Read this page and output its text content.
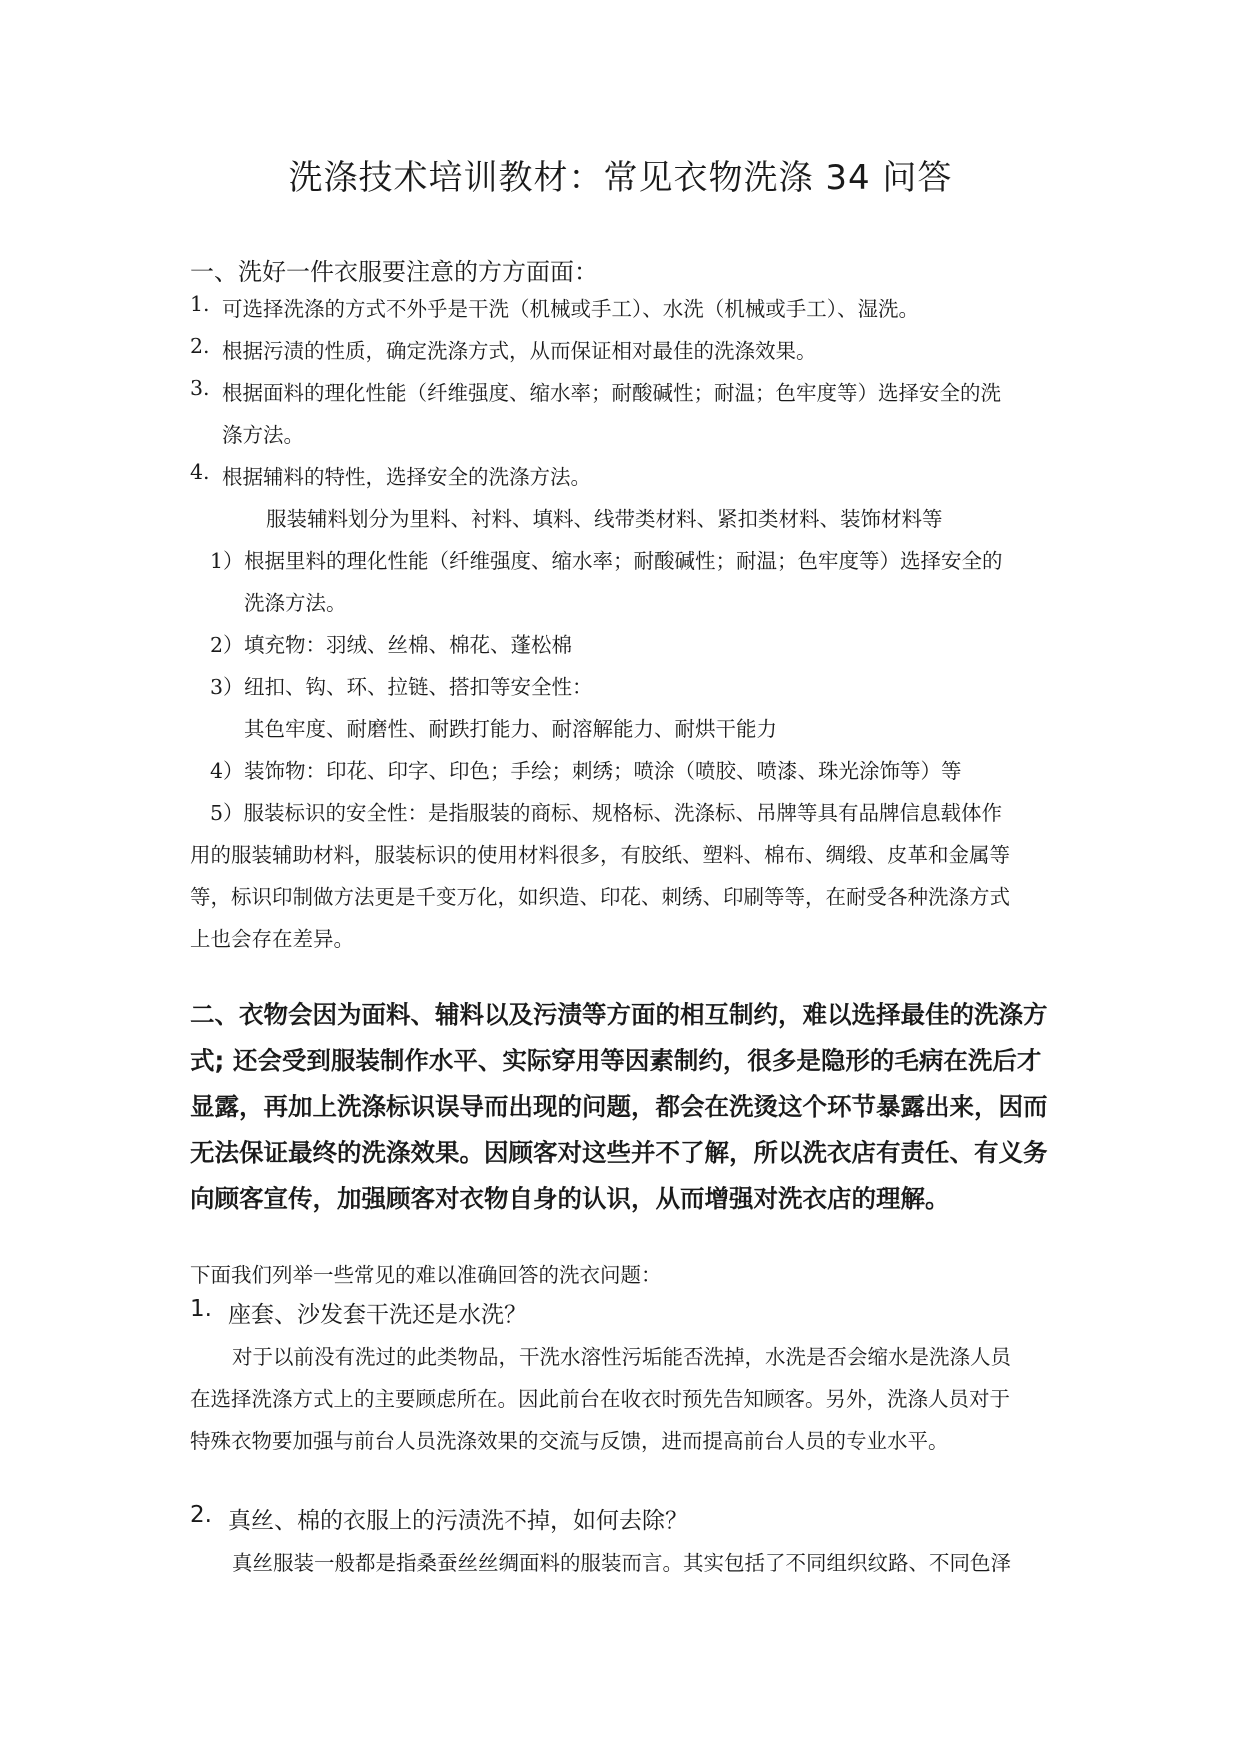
洗涤技术培训教材：常见衣物洗涤 34 问答
一、洗好一件衣服要注意的方方面面：
1. 可选择洗涤的方式不外乎是干洗（机械或手工）、水洗（机械或手工）、湿洗。
2. 根据污渍的性质，确定洗涤方式，从而保证相对最佳的洗涤效果。
3. 根据面料的理化性能（纤维强度、缩水率；耐酸碱性；耐温；色牢度等）选择安全的洗
涤方法。
4. 根据辅料的特性，选择安全的洗涤方法。
服装辅料划分为里料、衬料、填料、线带类材料、紧扣类材料、装饰材料等
1） 根据里料的理化性能（纤维强度、缩水率；耐酸碱性；耐温；色牢度等）选择安全的
洗涤方法。
2） 填充物：羽绒、丝棉、棉花、蓬松棉
3） 纽扣、钩、环、拉链、搭扣等安全性：
其色牢度、耐磨性、耐跌打能力、耐溶解能力、耐烘干能力
4） 装饰物：印花、印字、印色；手绘；刺绣；喷涂（喷胶、喷漆、珠光涂饰等）等
5）服装标识的安全性：是指服装的商标、规格标、洗涤标、吊牌等具有品牌信息载体作
用的服装辅助材料，服装标识的使用材料很多，有胶纸、塑料、棉布、绸缎、皮革和金属等
等，标识印制做方法更是千变万化，如织造、印花、刺绣、印刷等等，在耐受各种洗涤方式
上也会存在差异。
二、衣物会因为面料、辅料以及污渍等方面的相互制约，难以选择最佳的洗涤方
式; 还会受到服装制作水平、实际穿用等因素制约，很多是隐形的毛病在洗后才
显露，再加上洗涤标识误导而出现的问题，都会在洗烫这个环节暴露出来，因而
无法保证最终的洗涤效果。因顾客对这些并不了解，所以洗衣店有责任、有义务
向顾客宣传，加强顾客对衣物自身的认识，从而增强对洗衣店的理解。
下面我们列举一些常见的难以准确回答的洗衣问题：
1. 座套、沙发套干洗还是水洗？
对于以前没有洗过的此类物品，干洗水溶性污垢能否洗掉，水洗是否会缩水是洗涤人员
在选择洗涤方式上的主要顾虑所在。因此前台在收衣时预先告知顾客。另外，洗涤人员对于
特殊衣物要加强与前台人员洗涤效果的交流与反馈，进而提高前台人员的专业水平。
2. 真丝、棉的衣服上的污渍洗不掉，如何去除？
真丝服装一般都是指桑蚕丝丝绸面料的服装而言。其实包括了不同组织纹路、不同色泽
